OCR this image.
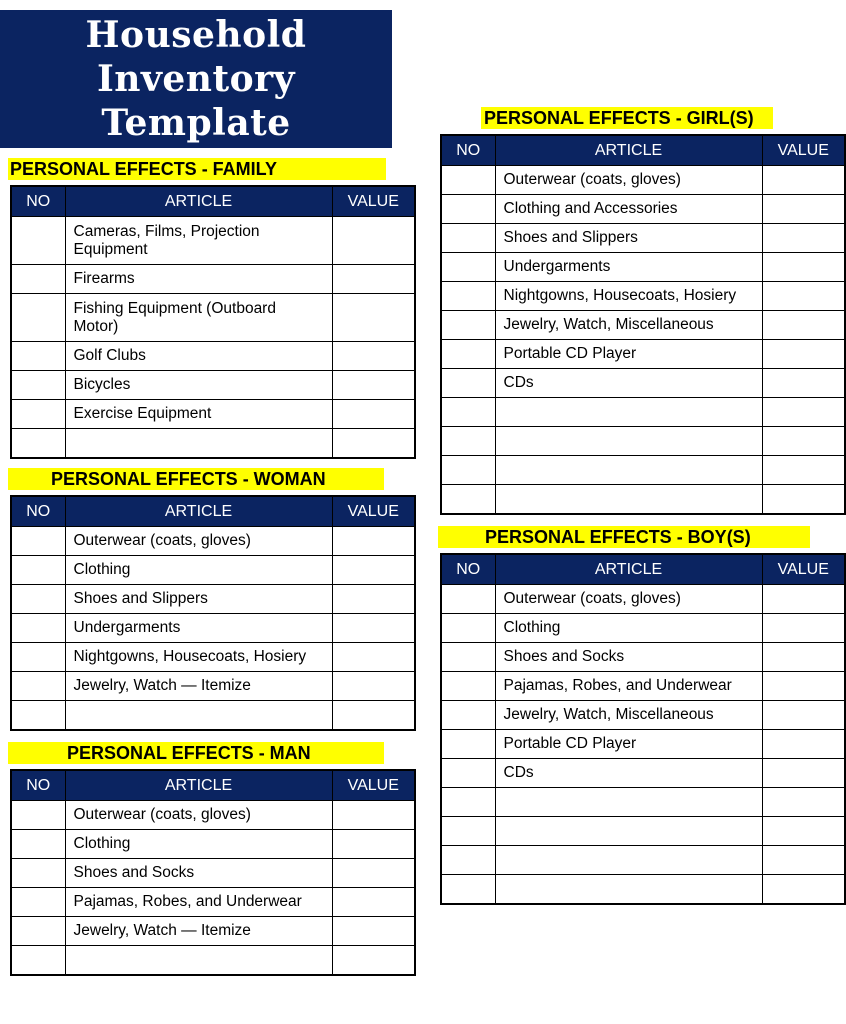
Household
Inventory
Template
PERSONAL EFFECTS - FAMILY
NO	ARTICLE	VALUE
	Cameras, Films, Projection Equipment	
	Firearms	
	Fishing Equipment (Outboard Motor)	
	Golf Clubs	
	Bicycles	
	Exercise Equipment	

PERSONAL EFFECTS - WOMAN
NO	ARTICLE	VALUE
	Outerwear (coats, gloves)	
	Clothing	
	Shoes and Slippers	
	Undergarments	
	Nightgowns, Housecoats, Hosiery	
	Jewelry, Watch — Itemize	

PERSONAL EFFECTS - MAN
NO	ARTICLE	VALUE
	Outerwear (coats, gloves)	
	Clothing	
	Shoes and Socks	
	Pajamas, Robes, and Underwear	
	Jewelry, Watch — Itemize	

PERSONAL EFFECTS - GIRL(S)
NO	ARTICLE	VALUE
	Outerwear (coats, gloves)	
	Clothing and Accessories	
	Shoes and Slippers	
	Undergarments	
	Nightgowns, Housecoats, Hosiery	
	Jewelry, Watch, Miscellaneous	
	Portable CD Player	
	CDs	

PERSONAL EFFECTS - BOY(S)
NO	ARTICLE	VALUE
	Outerwear (coats, gloves)	
	Clothing	
	Shoes and Socks	
	Pajamas, Robes, and Underwear	
	Jewelry, Watch, Miscellaneous	
	Portable CD Player	
	CDs	
